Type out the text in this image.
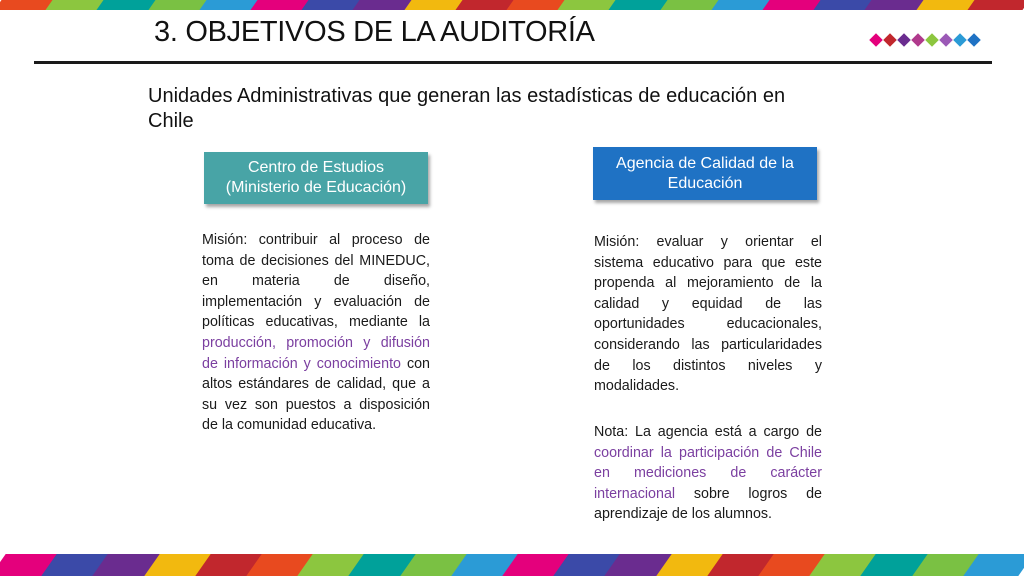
3. OBJETIVOS DE LA AUDITORÍA

Unidades Administrativas que generan las estadísticas de educación en Chile

Centro de Estudios
(Ministerio de Educación)
Agencia de Calidad de la
Educación

Misión: contribuir al proceso de toma de decisiones del MINEDUC, en materia de diseño, implementación y evaluación de políticas educativas, mediante la producción, promoción y difusión de información y conocimiento con altos estándares de calidad, que a su vez son puestos a disposición de la comunidad educativa.

Misión: evaluar y orientar el sistema educativo para que este propenda al mejoramiento de la calidad y equidad de las oportunidades educacionales, considerando las particularidades de los distintos niveles y modalidades.

Nota: La agencia está a cargo de coordinar la participación de Chile en mediciones de carácter internacional sobre logros de aprendizaje de los alumnos.
